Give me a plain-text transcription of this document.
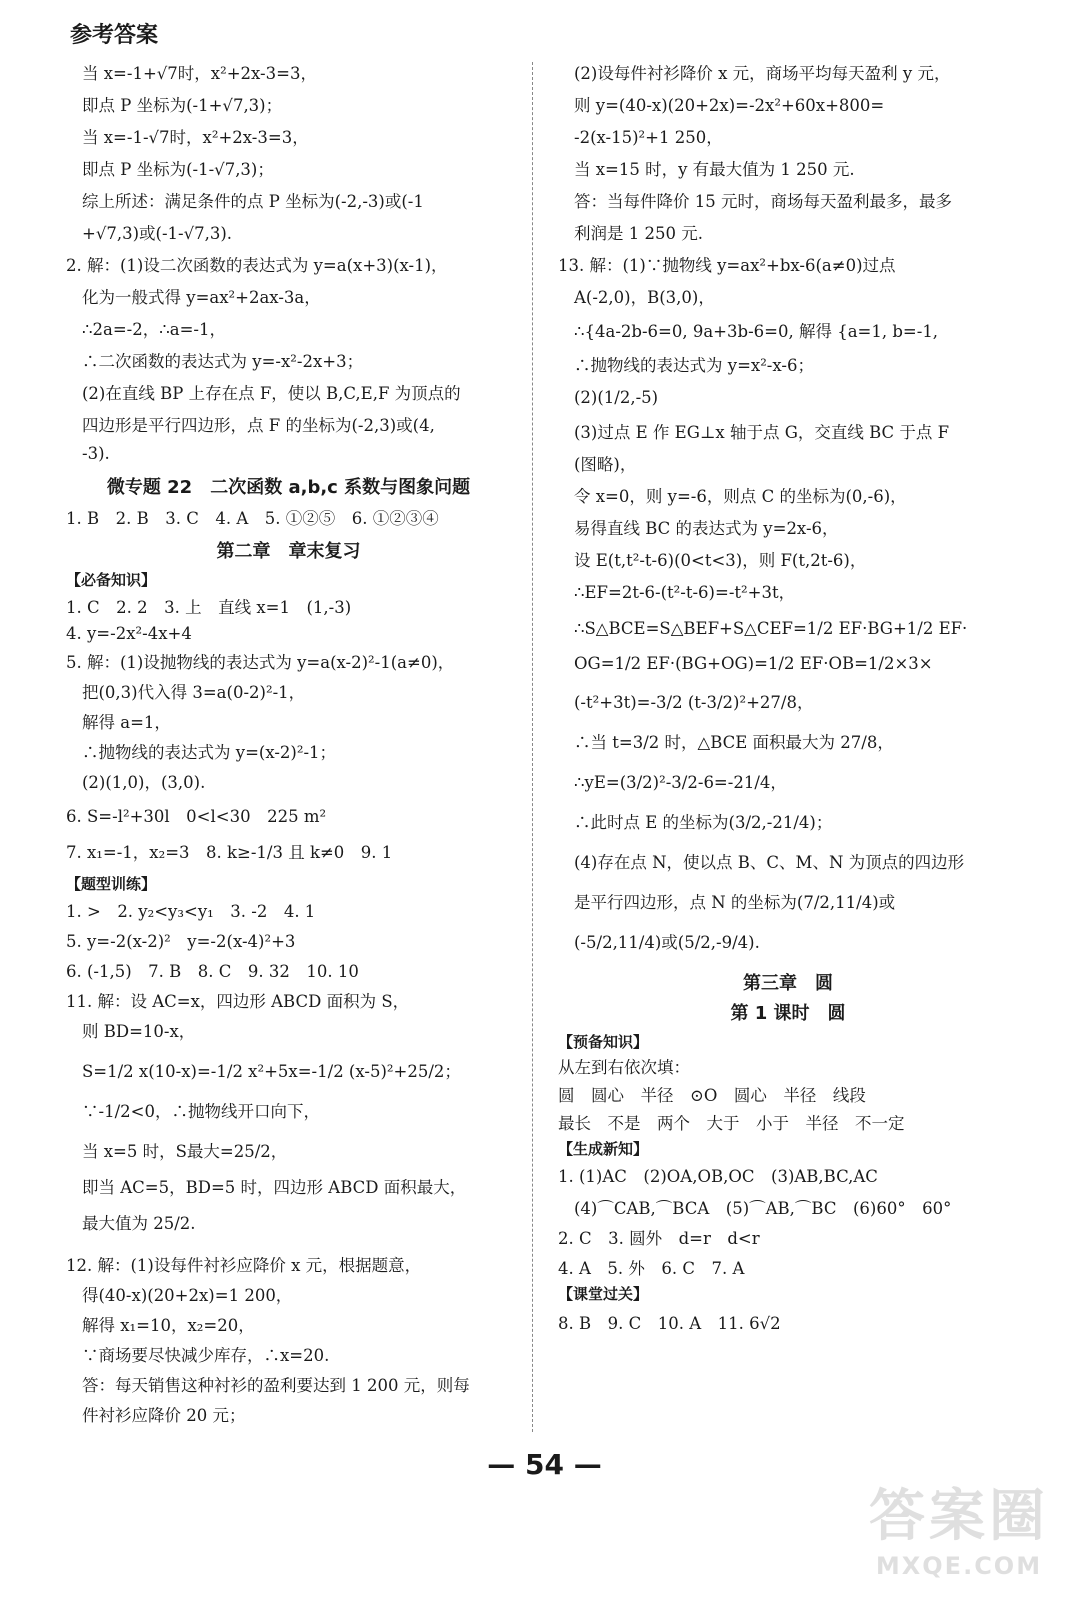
参考答案
当 x=-1+√7时，x²+2x-3=3，
即点 P 坐标为(-1+√7,3)；
当 x=-1-√7时，x²+2x-3=3，
即点 P 坐标为(-1-√7,3)；
综上所述：满足条件的点 P 坐标为(-2,-3)或(-1
+√7,3)或(-1-√7,3).
2. 解：(1)设二次函数的表达式为 y=a(x+3)(x-1)，
化为一般式得 y=ax²+2ax-3a，
∴2a=-2，∴a=-1，
∴二次函数的表达式为 y=-x²-2x+3；
(2)在直线 BP 上存在点 F，使以 B,C,E,F 为顶点的
四边形是平行四边形，点 F 的坐标为(-2,3)或(4,
-3).
微专题 22　二次函数 a,b,c 系数与图象问题
1. B　2. B　3. C　4. A　5. ①②⑤　6. ①②③④
第二章　章末复习
【必备知识】
1. C　2. 2　3. 上　直线 x=1　(1,-3)
4. y=-2x²-4x+4
5. 解：(1)设抛物线的表达式为 y=a(x-2)²-1(a≠0)，
把(0,3)代入得 3=a(0-2)²-1，
解得 a=1，
∴抛物线的表达式为 y=(x-2)²-1；
(2)(1,0)，(3,0).
6. S=-l²+30l　0<l<30　225 m²
7. x₁=-1，x₂=3　8. k≥-1/3 且 k≠0　9. 1
【题型训练】
1. >　2. y₂<y₃<y₁　3. -2　4. 1
5. y=-2(x-2)²　y=-2(x-4)²+3
6. (-1,5)　7. B　8. C　9. 32　10. 10
11. 解：设 AC=x，四边形 ABCD 面积为 S，
则 BD=10-x，
S=1/2 x(10-x)=-1/2 x²+5x=-1/2 (x-5)²+25/2；
∵-1/2<0，∴抛物线开口向下，
当 x=5 时，S最大=25/2，
即当 AC=5，BD=5 时，四边形 ABCD 面积最大，
最大值为 25/2.
12. 解：(1)设每件衬衫应降价 x 元，根据题意，
得(40-x)(20+2x)=1 200，
解得 x₁=10，x₂=20，
∵商场要尽快减少库存，∴x=20.
答：每天销售这种衬衫的盈利要达到 1 200 元，则每
件衬衫应降价 20 元；
(2)设每件衬衫降价 x 元，商场平均每天盈利 y 元，
则 y=(40-x)(20+2x)=-2x²+60x+800=
-2(x-15)²+1 250，
当 x=15 时，y 有最大值为 1 250 元.
答：当每件降价 15 元时，商场每天盈利最多，最多
利润是 1 250 元.
13. 解：(1)∵抛物线 y=ax²+bx-6(a≠0)过点
A(-2,0)，B(3,0)，
∴{4a-2b-6=0, 9a+3b-6=0, 解得 {a=1, b=-1,
∴抛物线的表达式为 y=x²-x-6；
(2)(1/2,-5)
(3)过点 E 作 EG⊥x 轴于点 G，交直线 BC 于点 F
(图略)，
令 x=0，则 y=-6，则点 C 的坐标为(0,-6)，
易得直线 BC 的表达式为 y=2x-6，
设 E(t,t²-t-6)(0<t<3)，则 F(t,2t-6)，
∴EF=2t-6-(t²-t-6)=-t²+3t，
∴S△BCE=S△BEF+S△CEF=1/2 EF·BG+1/2 EF·
OG=1/2 EF·(BG+OG)=1/2 EF·OB=1/2×3×
(-t²+3t)=-3/2 (t-3/2)²+27/8，
∴当 t=3/2 时，△BCE 面积最大为 27/8，
∴yE=(3/2)²-3/2-6=-21/4，
∴此时点 E 的坐标为(3/2,-21/4)；
(4)存在点 N，使以点 B、C、M、N 为顶点的四边形
是平行四边形，点 N 的坐标为(7/2,11/4)或
(-5/2,11/4)或(5/2,-9/4).
第三章　圆
第 1 课时　圆
【预备知识】
从左到右依次填：
圆　圆心　半径　⊙O　圆心　半径　线段
最长　不是　两个　大于　小于　半径　不一定
【生成新知】
1. (1)AC　(2)OA,OB,OC　(3)AB,BC,AC
(4)⌒CAB,⌒BCA　(5)⌒AB,⌒BC　(6)60°　60°
2. C　3. 圆外　d=r　d<r
4. A　5. 外　6. C　7. A
【课堂过关】
8. B　9. C　10. A　11. 6√2
— 54 —
答案圈
MXQE.COM
